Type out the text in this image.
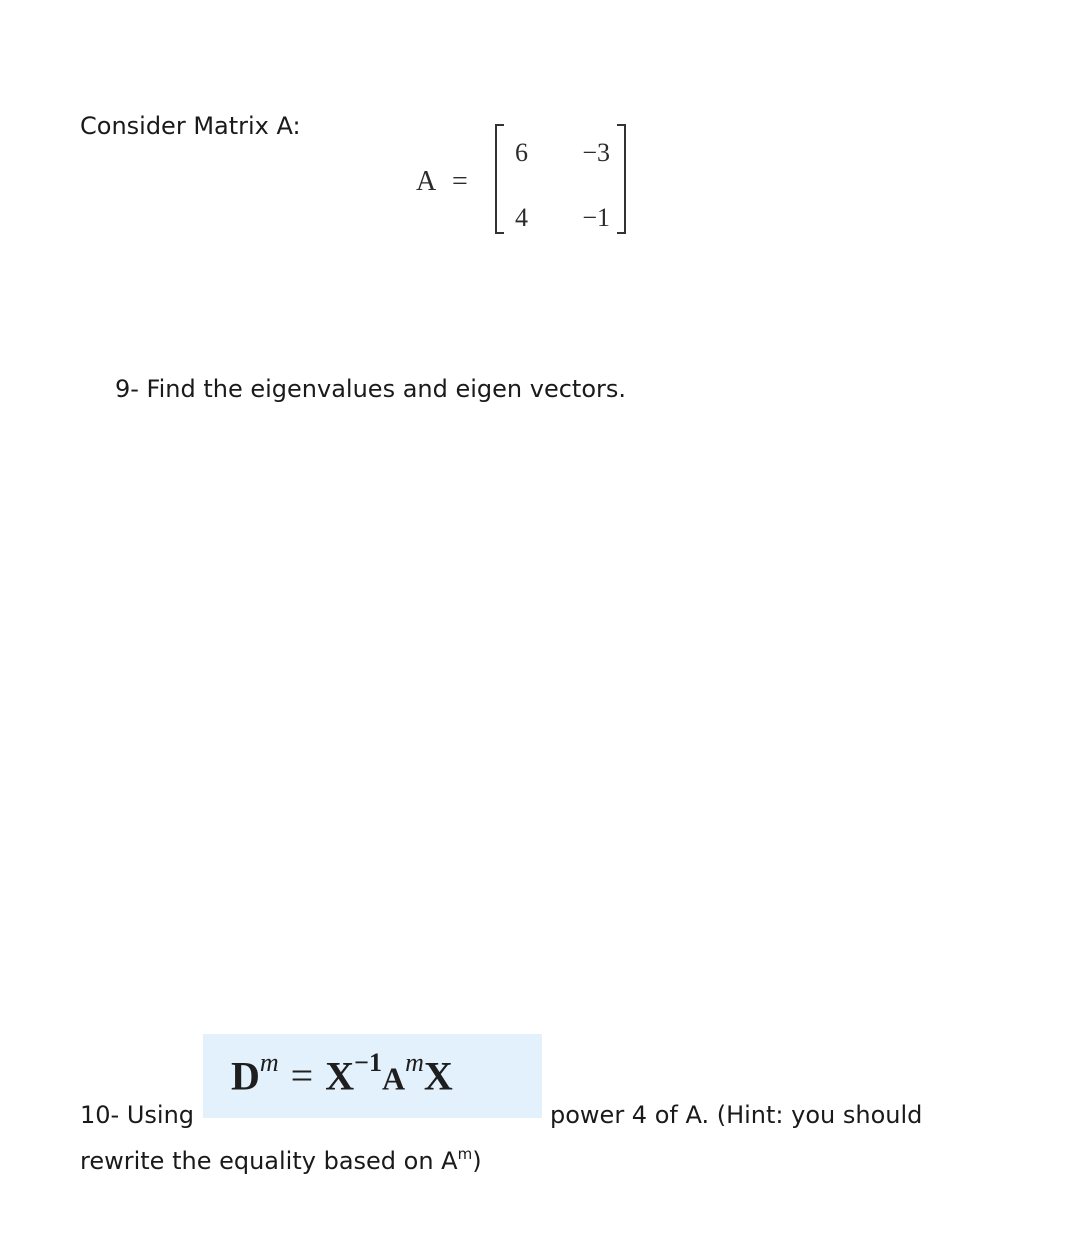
Consider Matrix A:
A =
6	−3
4	−1
9- Find the eigenvalues and eigen vectors.
$D^m = X^{-1}A^mX$
10- Using	power 4 of A. (Hint: you should
rewrite the equality based on $A^m$)
